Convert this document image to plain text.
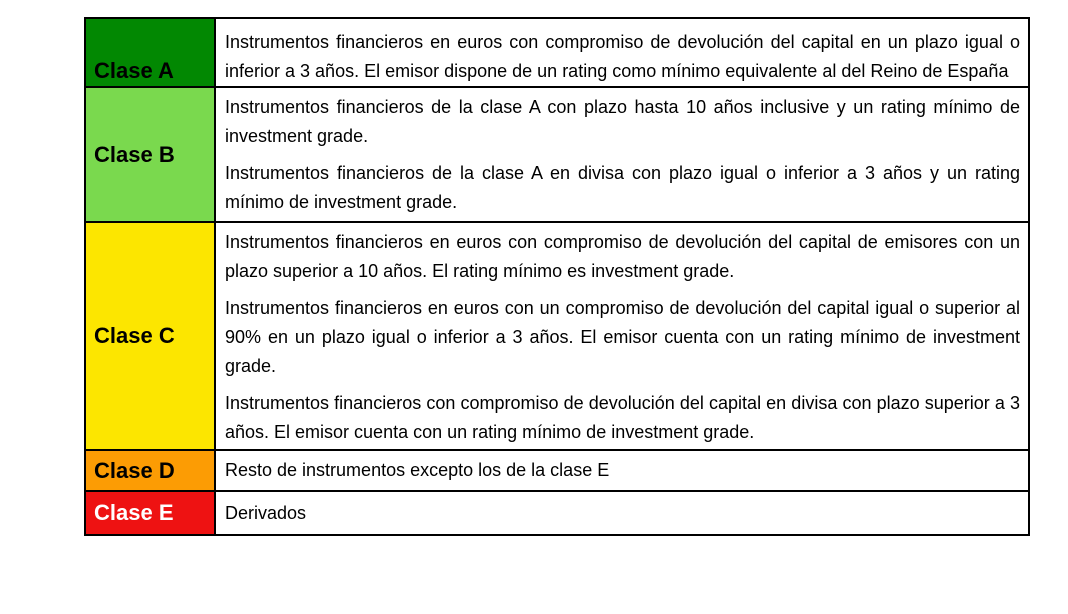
Clase A	Instrumentos financieros en euros con compromiso de devolución del capital en un plazo igual o inferior a 3 años. El emisor dispone de un rating como mínimo equivalente al del Reino de España

Clase B	Instrumentos financieros de la clase A con plazo hasta 10 años inclusive y un rating mínimo de investment grade.

Instrumentos financieros de la clase A en divisa con plazo igual o inferior a 3 años y un rating mínimo de investment grade.

Clase C	Instrumentos financieros en euros con compromiso de devolución del capital de emisores con un plazo superior a 10 años. El rating mínimo es investment grade.

Instrumentos financieros en euros con un compromiso de devolución del capital igual o superior al 90% en un plazo igual o inferior a 3 años. El emisor cuenta con un rating mínimo de investment grade.

Instrumentos financieros con compromiso de devolución del capital en divisa con plazo superior a 3 años. El emisor cuenta con un rating mínimo de investment grade.

Clase D	Resto de instrumentos excepto los de la clase E

Clase E	Derivados
